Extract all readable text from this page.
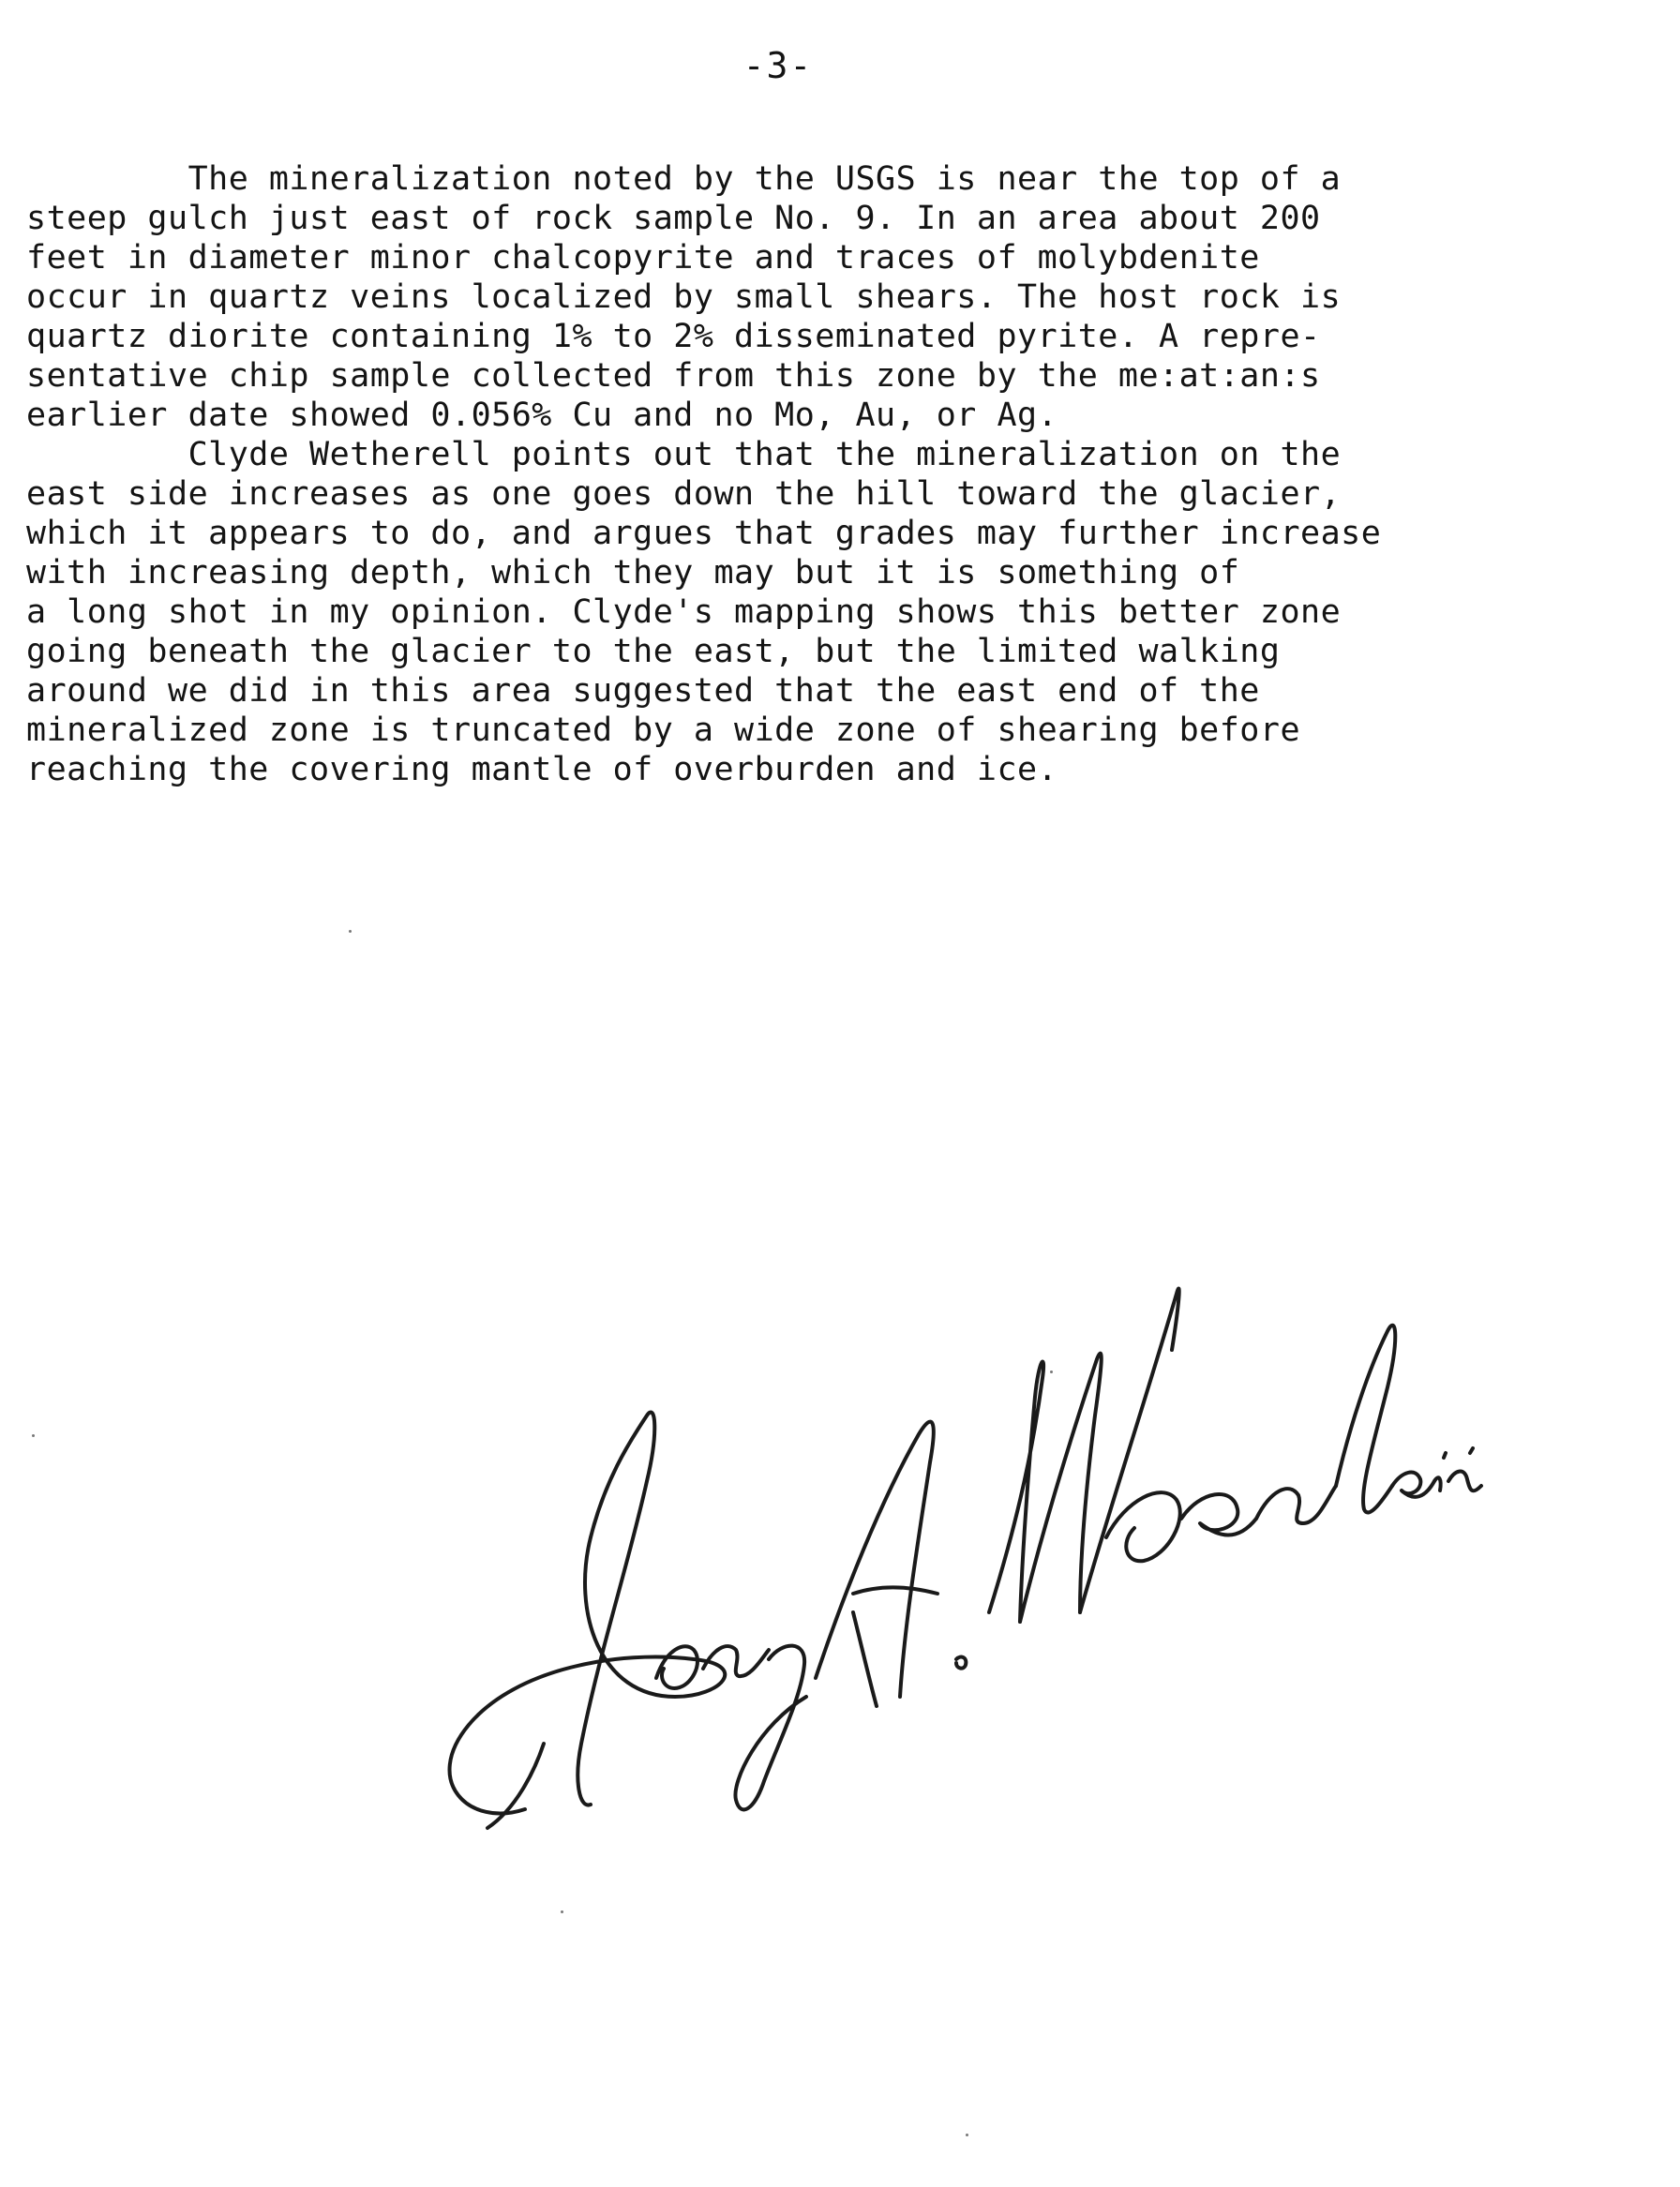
-3-
The mineralization noted by the USGS is near the top of a
steep gulch just east of rock sample No. 9. In an area about 200
feet in diameter minor chalcopyrite and traces of molybdenite
occur in quartz veins localized by small shears. The host rock is
quartz diorite containing 1% to 2% disseminated pyrite. A repre-
sentative chip sample collected from this zone by the me:at:an:s
earlier date showed 0.056% Cu and no Mo, Au, or Ag.
Clyde Wetherell points out that the mineralization on the
east side increases as one goes down the hill toward the glacier,
which it appears to do, and argues that grades may further increase
with increasing depth, which they may but it is something of
a long shot in my opinion. Clyde's mapping shows this better zone
going beneath the glacier to the east, but the limited walking
around we did in this area suggested that the east end of the
mineralized zone is truncated by a wide zone of shearing before
reaching the covering mantle of overburden and ice.
